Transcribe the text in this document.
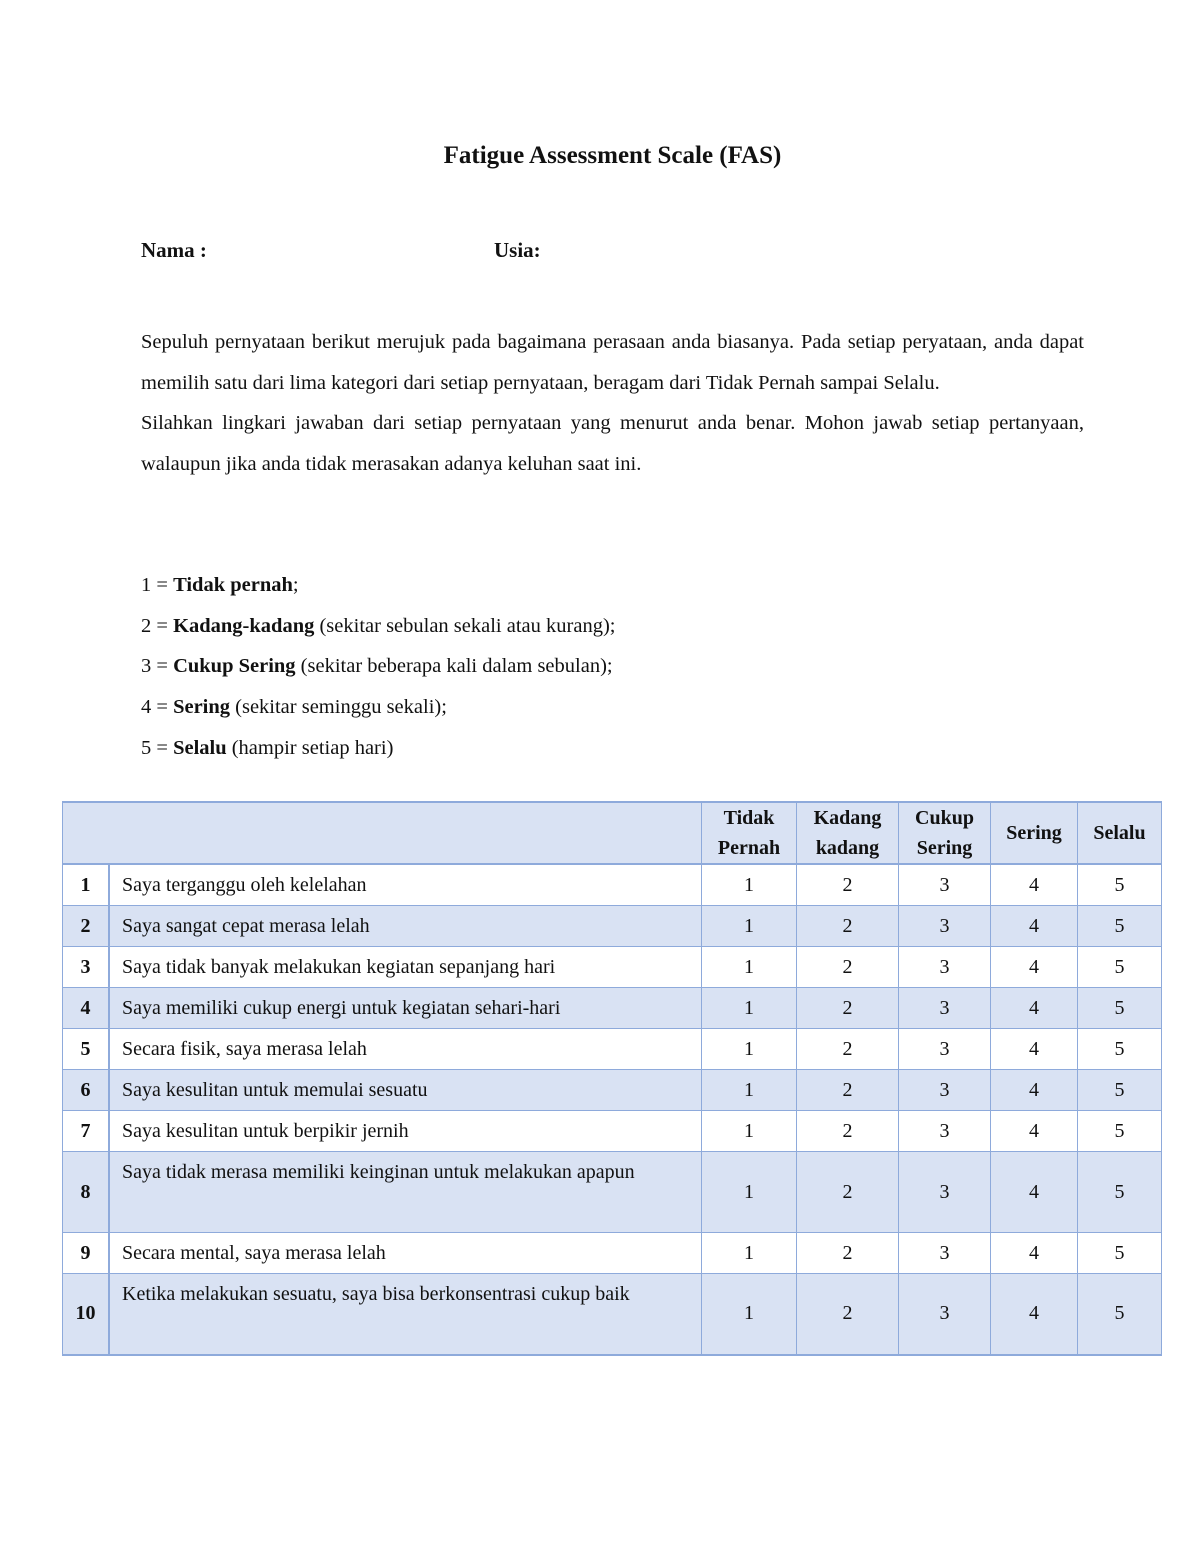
Fatigue Assessment Scale (FAS)
Nama :	Usia:

Sepuluh pernyataan berikut merujuk pada bagaimana perasaan anda biasanya. Pada setiap peryataan, anda dapat memilih satu dari lima kategori dari setiap pernyataan, beragam dari Tidak Pernah sampai Selalu.

Silahkan lingkari jawaban dari setiap pernyataan yang menurut anda benar. Mohon jawab setiap pertanyaan, walaupun jika anda tidak merasakan adanya keluhan saat ini.

1 = Tidak pernah;
2 = Kadang-kadang (sekitar sebulan sekali atau kurang);
3 = Cukup Sering (sekitar beberapa kali dalam sebulan);
4 = Sering (sekitar seminggu sekali);
5 = Selalu (hampir setiap hari)
		Tidak Pernah	Kadang kadang	Cukup Sering	Sering	Selalu
1	Saya terganggu oleh kelelahan	1	2	3	4	5
2	Saya sangat cepat merasa lelah	1	2	3	4	5
3	Saya tidak banyak melakukan kegiatan sepanjang hari	1	2	3	4	5
4	Saya memiliki cukup energi untuk kegiatan sehari-hari	1	2	3	4	5
5	Secara fisik, saya merasa lelah	1	2	3	4	5
6	Saya kesulitan untuk memulai sesuatu	1	2	3	4	5
7	Saya kesulitan untuk berpikir jernih	1	2	3	4	5
8	Saya tidak merasa memiliki keinginan untuk melakukan apapun	1	2	3	4	5
9	Secara mental, saya merasa lelah	1	2	3	4	5
10	Ketika melakukan sesuatu, saya bisa berkonsentrasi cukup baik	1	2	3	4	5
